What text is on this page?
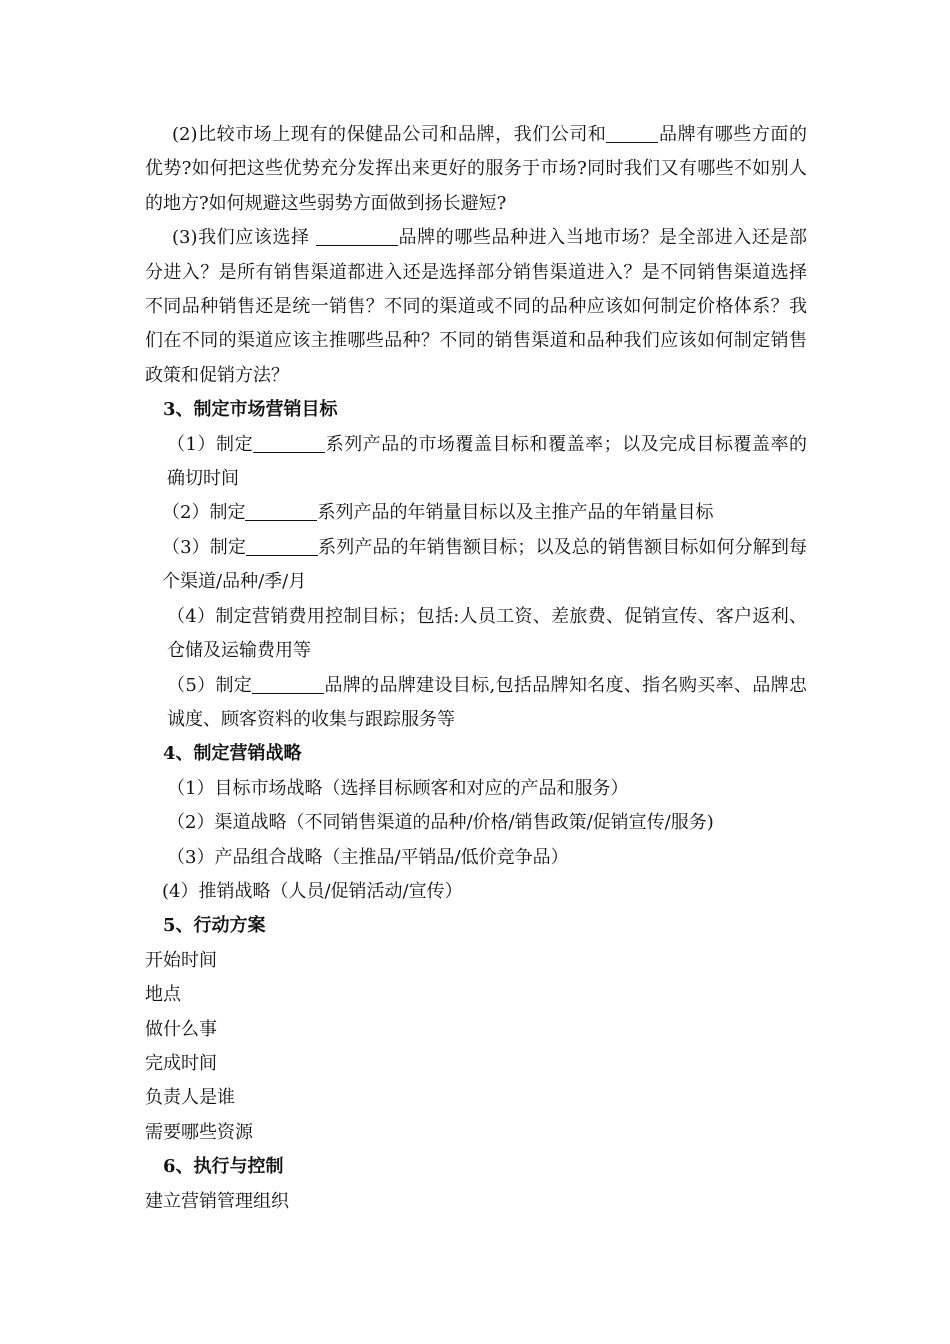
(2)比较市场上现有的保健品公司和品牌，我们公司和	品牌有哪些方面的优势?如何把这些优势充分发挥出来更好的服务于市场?同时我们又有哪些不如别人的地方?如何规避这些弱势方面做到扬长避短?

(3)我们应该选择	品牌的哪些品种进入当地市场？是全部进入还是部分进入？是所有销售渠道都进入还是选择部分销售渠道进入？是不同销售渠道选择不同品种销售还是统一销售？不同的渠道或不同的品种应该如何制定价格体系？我们在不同的渠道应该主推哪些品种？不同的销售渠道和品种我们应该如何制定销售政策和促销方法？

3、制定市场营销目标

（1）制定	系列产品的市场覆盖目标和覆盖率；以及完成目标覆盖率的确切时间

（2）制定	系列产品的年销量目标以及主推产品的年销量目标

（3）制定	系列产品的年销售额目标；以及总的销售额目标如何分解到每个渠道/品种/季/月

（4）制定营销费用控制目标；包括:人员工资、差旅费、促销宣传、客户返利、仓储及运输费用等

（5）制定	品牌的品牌建设目标,包括品牌知名度、指名购买率、品牌忠诚度、顾客资料的收集与跟踪服务等

4、制定营销战略

（1）目标市场战略（选择目标顾客和对应的产品和服务）

（2）渠道战略（不同销售渠道的品种/价格/销售政策/促销宣传/服务)

（3）产品组合战略（主推品/平销品/低价竞争品）

(4）推销战略（人员/促销活动/宣传）

5、行动方案

开始时间

地点

做什么事

完成时间

负责人是谁

需要哪些资源

6、执行与控制

建立营销管理组织
